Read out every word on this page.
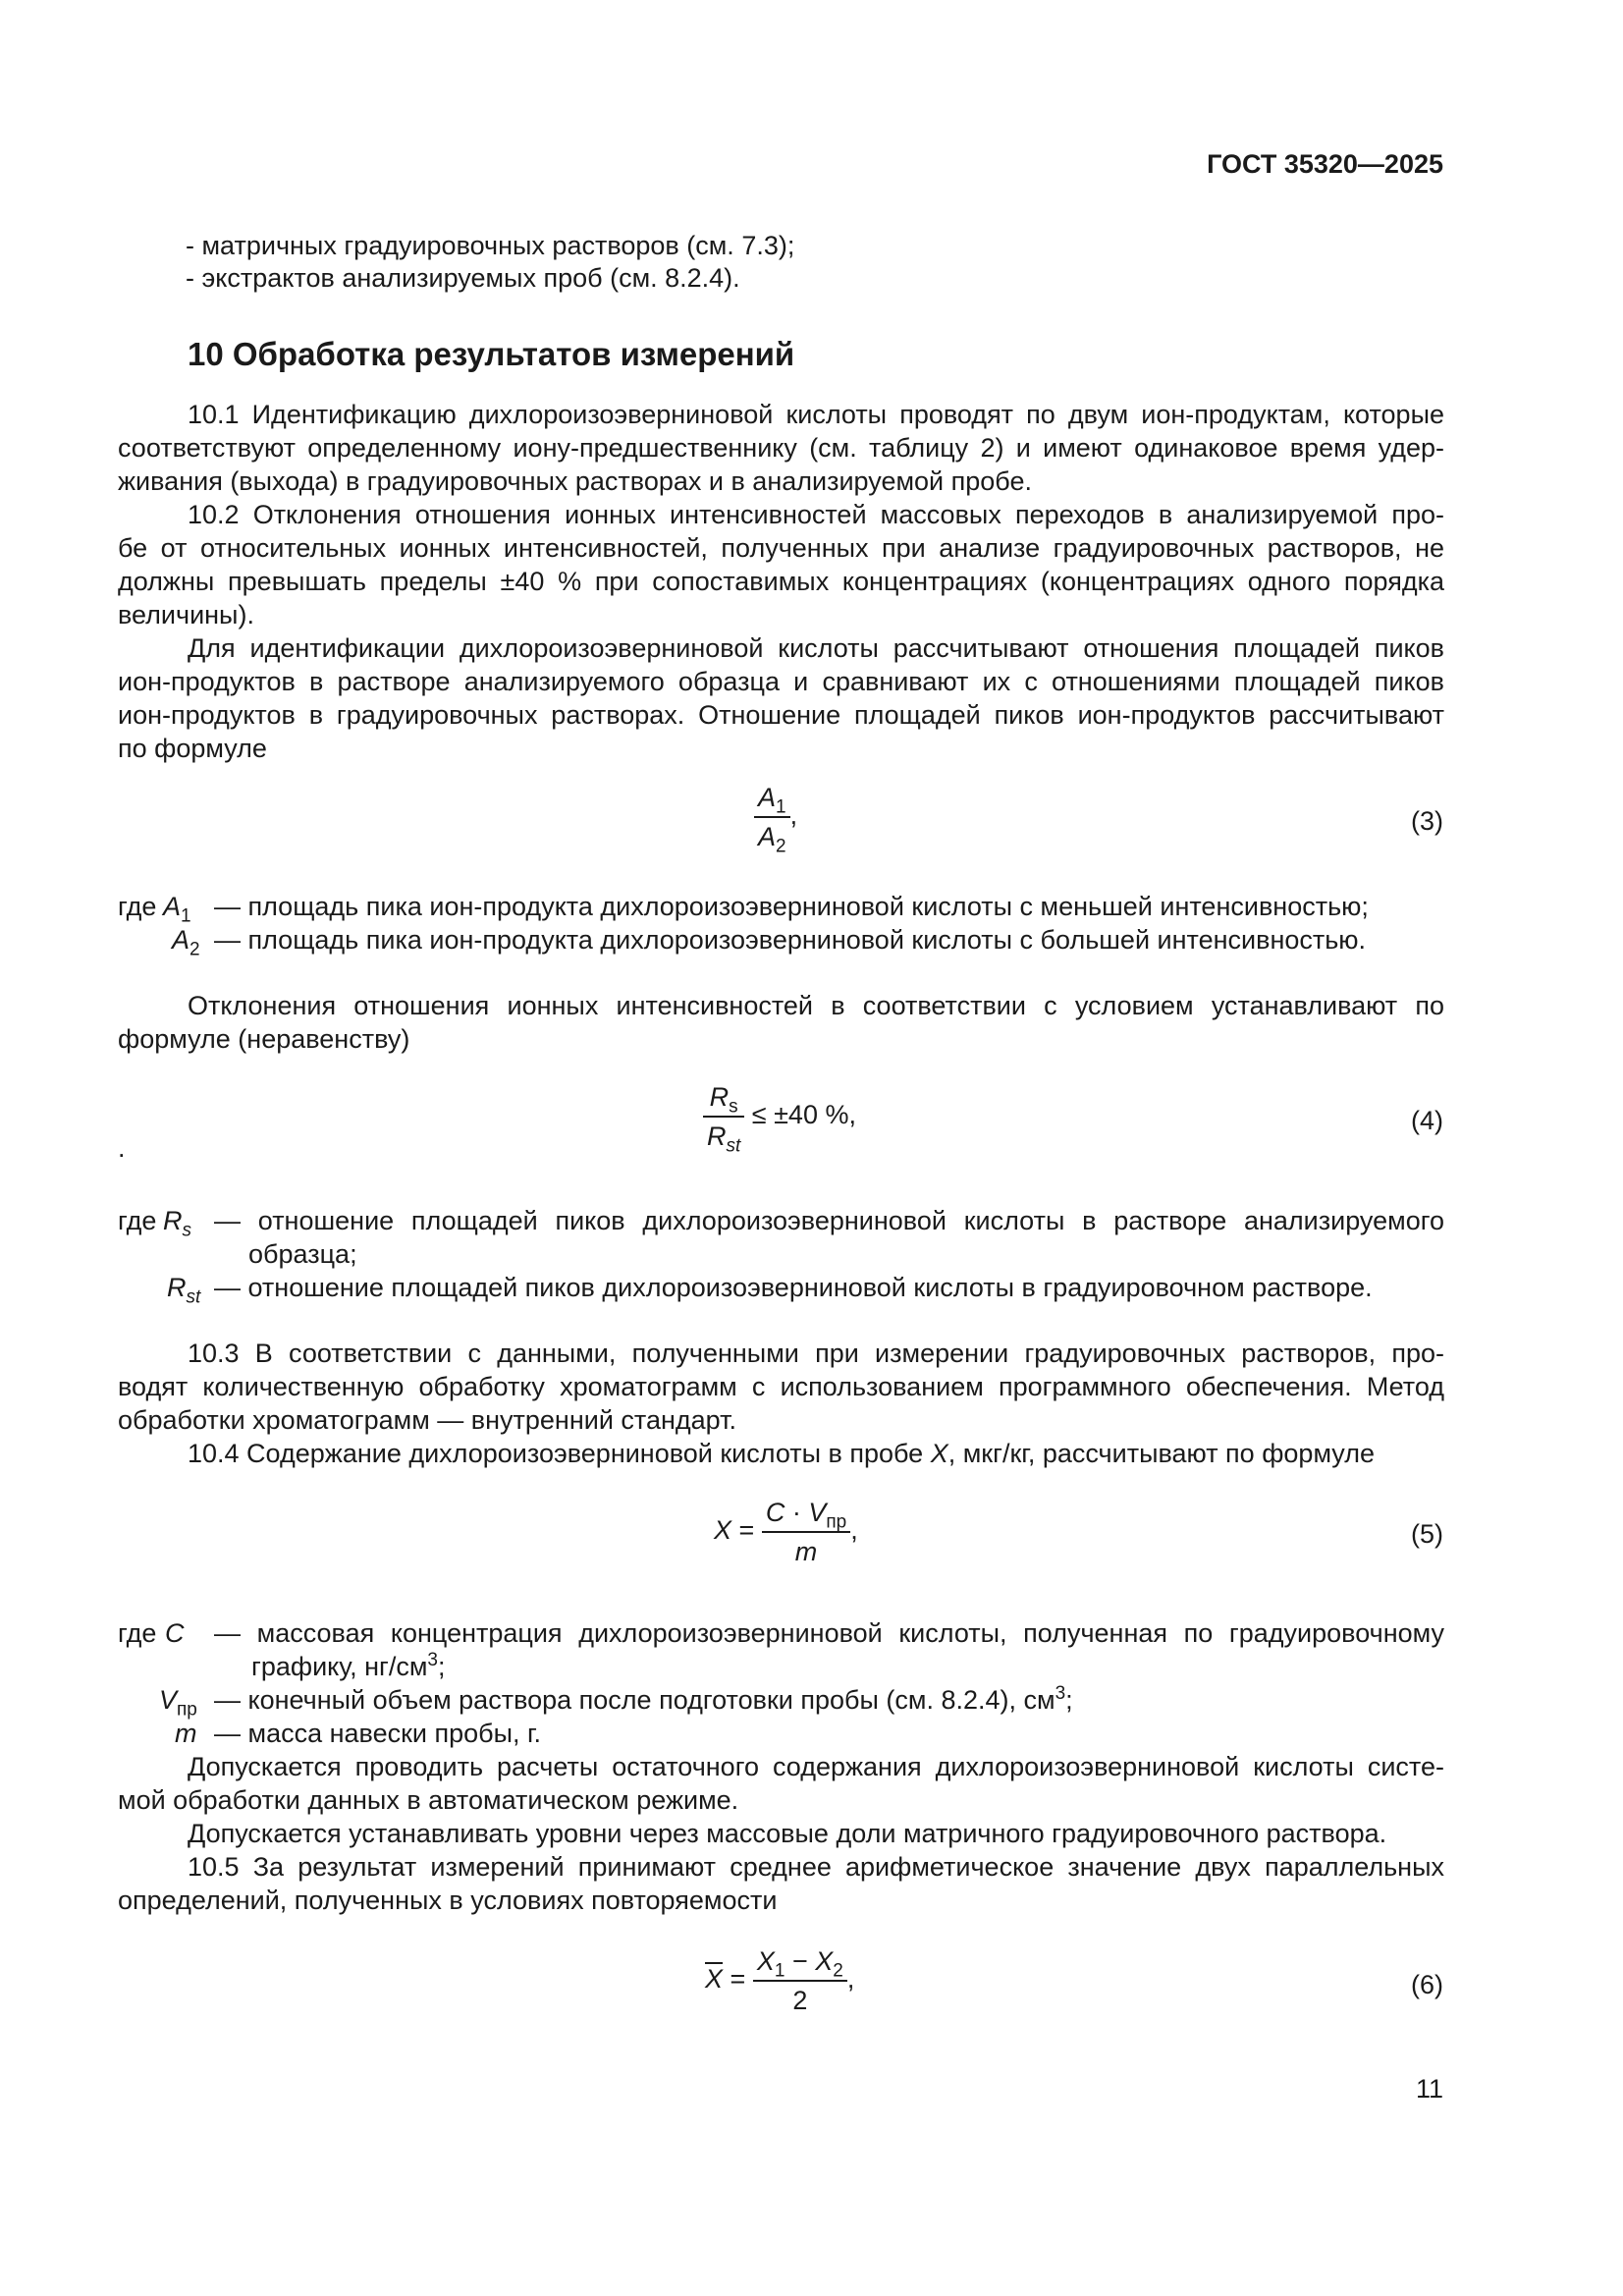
ГОСТ 35320—2025
- матричных градуировочных растворов (см. 7.3);
- экстрактов анализируемых проб (см. 8.2.4).
10 Обработка результатов измерений
10.1 Идентификацию дихлороизоэверниновой кислоты проводят по двум ион-продуктам, которые
соответствуют определенному иону-предшественнику (см. таблицу 2) и имеют одинаковое время удер-
живания (выхода) в градуировочных растворах и в анализируемой пробе.
10.2 Отклонения отношения ионных интенсивностей массовых переходов в анализируемой про-
бе от относительных ионных интенсивностей, полученных при анализе градуировочных растворов, не
должны превышать пределы ±40 % при сопоставимых концентрациях (концентрациях одного порядка
величины).
Для идентификации дихлороизоэверниновой кислоты рассчитывают отношения площадей пиков
ион-продуктов в растворе анализируемого образца и сравнивают их с отношениями площадей пиков
ион-продуктов в градуировочных растворах. Отношение площадей пиков ион-продуктов рассчитывают
по формуле
$\frac{A_1}{A_2}$ ,	(3)
где $A_1$ — площадь пика ион-продукта дихлороизоэверниновой кислоты с меньшей интенсивностью;
$A_2$ — площадь пика ион-продукта дихлороизоэверниновой кислоты с большей интенсивностью.
Отклонения отношения ионных интенсивностей в соответствии с условием устанавливают по
формуле (неравенству)
$\frac{R_s}{R_{st}} \le \pm 40$ %,	(4)
.
где $R_s$ — отношение площадей пиков дихлороизоэверниновой кислоты в растворе анализируемого
образца;
$R_{st}$ — отношение площадей пиков дихлороизоэверниновой кислоты в градуировочном растворе.
10.3 В соответствии с данными, полученными при измерении градуировочных растворов, про-
водят количественную обработку хроматограмм с использованием программного обеспечения. Метод
обработки хроматограмм — внутренний стандарт.
10.4 Содержание дихлороизоэверниновой кислоты в пробе X, мкг/кг, рассчитывают по формуле
$X = \frac{C \cdot V_{пр}}{m}$ ,	(5)
где C — массовая концентрация дихлороизоэверниновой кислоты, полученная по градуировочному
графику, $нг/см^3$;
$V_{пр}$ — конечный объем раствора после подготовки пробы (см. 8.2.4), $см^3$;
m — масса навески пробы, г.
Допускается проводить расчеты остаточного содержания дихлороизоэверниновой кислоты систе-
мой обработки данных в автоматическом режиме.
Допускается устанавливать уровни через массовые доли матричного градуировочного раствора.
10.5 За результат измерений принимают среднее арифметическое значение двух параллельных
определений, полученных в условиях повторяемости
$\overline{X} = \frac{X_1 - X_2}{2}$ ,	(6)
11
